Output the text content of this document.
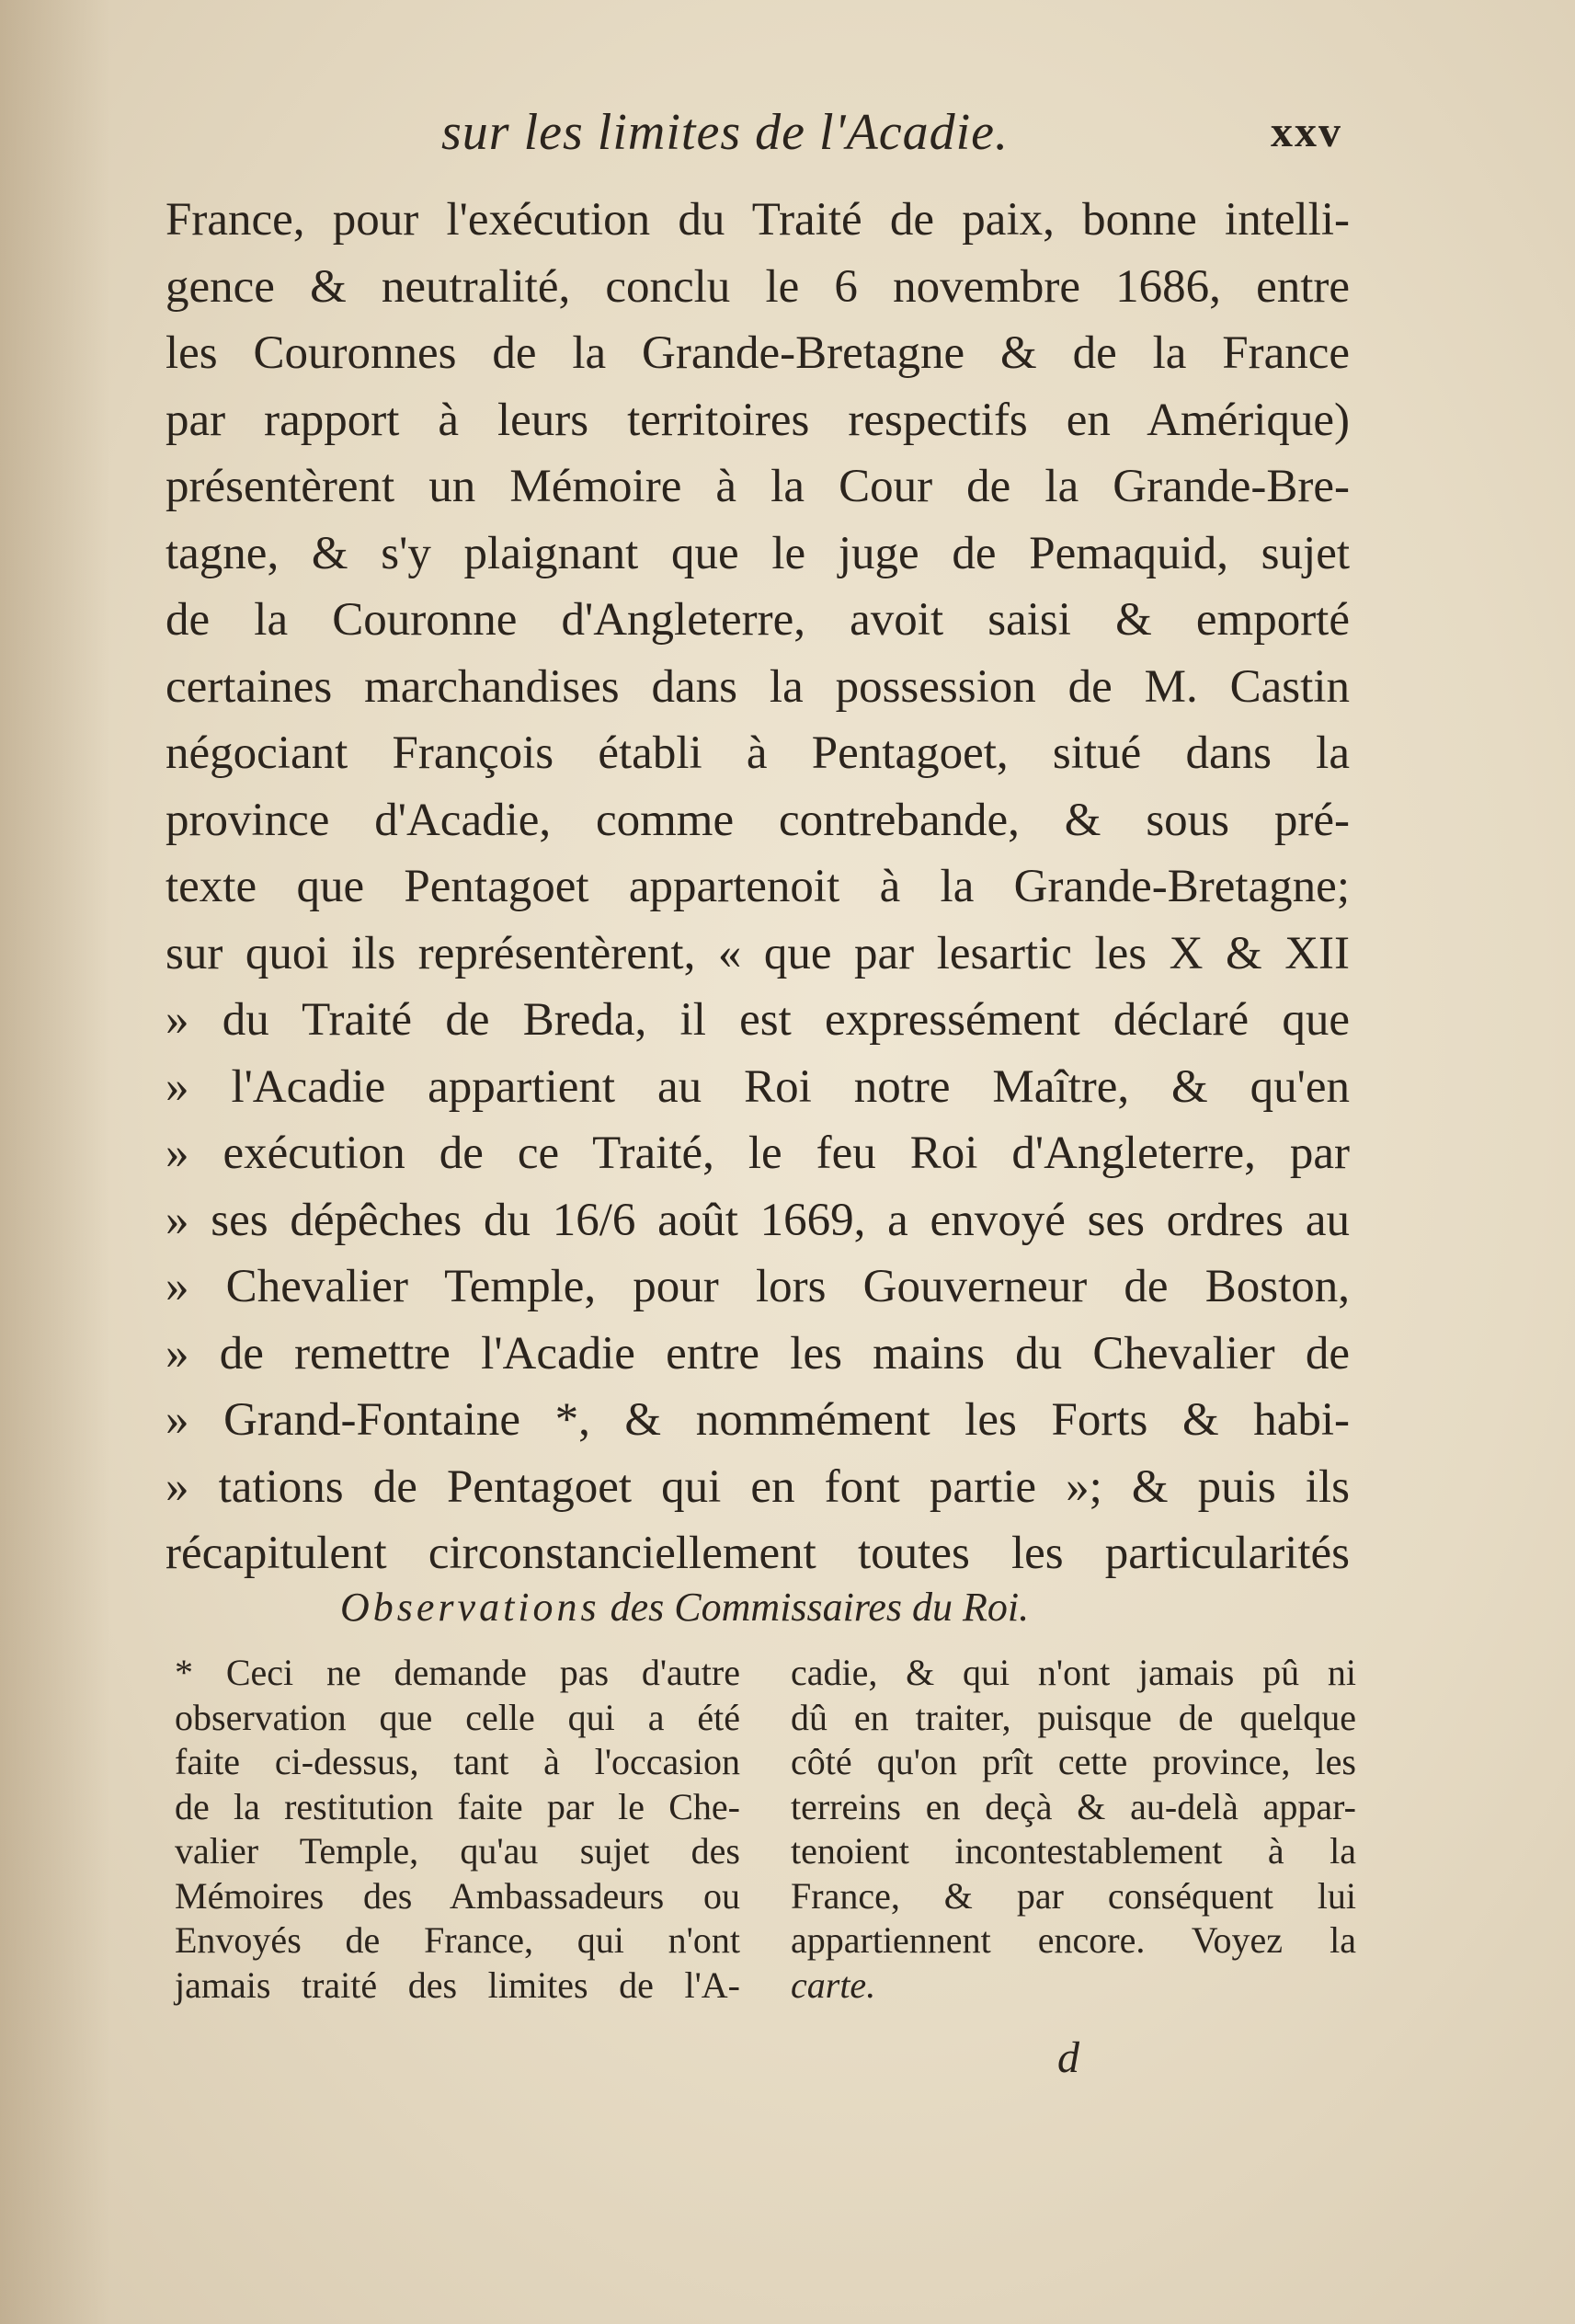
sur les limites de l'Acadie.	xxv
France, pour l'exécution du Traité de paix, bonne intelli-
gence & neutralité, conclu le 6 novembre 1686, entre
les Couronnes de la Grande-Bretagne & de la France
par rapport à leurs territoires respectifs en Amérique)
présentèrent un Mémoire à la Cour de la Grande-Bre-
tagne, & s'y plaignant que le juge de Pemaquid, sujet
de la Couronne d'Angleterre, avoit saisi & emporté
certaines marchandises dans la possession de M. Castin
négociant François établi à Pentagoet, situé dans la
province d'Acadie, comme contrebande, & sous pré-
texte que Pentagoet appartenoit à la Grande-Bretagne;
sur quoi ils représentèrent, « que par lesartic les X & XII
» du Traité de Breda, il est expressément déclaré que
» l'Acadie appartient au Roi notre Maître, & qu'en
» exécution de ce Traité, le feu Roi d'Angleterre, par
» ses dépêches du 16/6 août 1669, a envoyé ses ordres au
» Chevalier Temple, pour lors Gouverneur de Boston,
» de remettre l'Acadie entre les mains du Chevalier de
» Grand-Fontaine *, & nommément les Forts & habi-
» tations de Pentagoet qui en font partie »; & puis ils
récapitulent circonstanciellement toutes les particularités
Observations des Commissaires du Roi.
* Ceci ne demande pas d'autre
observation que celle qui a été
faite ci-dessus, tant à l'occasion
de la restitution faite par le Che-
valier Temple, qu'au sujet des
Mémoires des Ambassadeurs ou
Envoyés de France, qui n'ont
jamais traité des limites de l'A-
cadie, & qui n'ont jamais pû ni
dû en traiter, puisque de quelque
côté qu'on prît cette province, les
terreins en deçà & au-delà appar-
tenoient incontestablement à la
France, & par conséquent lui
appartiennent encore. Voyez la
carte.
d
